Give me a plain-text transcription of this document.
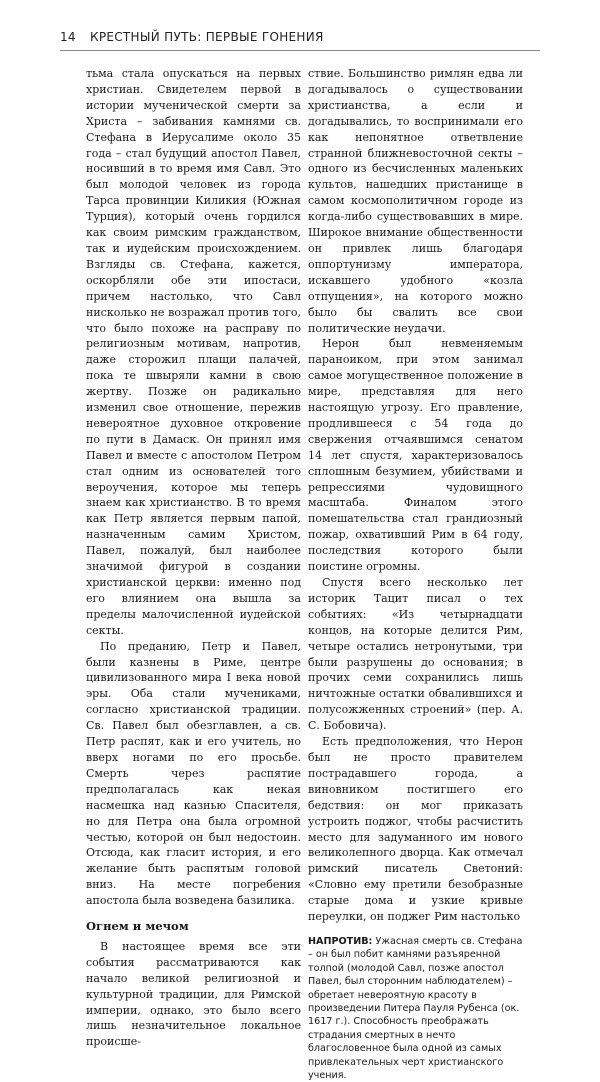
14 КРЕСТНЫЙ ПУТЬ: ПЕРВЫЕ ГОНЕНИЯ

тьма стала опускаться на первых христиан. Свидетелем первой в истории мученической смерти за Христа – забивания камнями св. Стефана в Иерусалиме около 35 года – стал будущий апостол Павел, носивший в то время имя Савл. Это был молодой человек из города Тарса провинции Киликия (Южная Турция), который очень гордился как своим римским гражданством, так и иудейским происхождением. Взгляды св. Стефана, кажется, оскорбляли обе эти ипостаси, причем настолько, что Савл нисколько не возражал против того, что было похоже на расправу по религиозным мотивам, напротив, даже сторожил плащи палачей, пока те швыряли камни в свою жертву. Позже он радикально изменил свое отношение, пережив невероятное духовное откровение по пути в Дамаск. Он принял имя Павел и вместе с апостолом Петром стал одним из основателей того вероучения, которое мы теперь знаем как христианство. В то время как Петр является первым папой, назначенным самим Христом, Павел, пожалуй, был наиболее значимой фигурой в создании христианской церкви: именно под его влиянием она вышла за пределы малочисленной иудейской секты.

По преданию, Петр и Павел, были казнены в Риме, центре цивилизованного мира I века новой эры. Оба стали мучениками, согласно христианской традиции. Св. Павел был обезглавлен, а св. Петр распят, как и его учитель, но вверх ногами по его просьбе. Смерть через распятие предполагалась как некая насмешка над казнью Спасителя, но для Петра она была огромной честью, которой он был недостоин. Отсюда, как гласит история, и его желание быть распятым головой вниз. На месте погребения апостола была возведена базилика.

Огнем и мечом

В настоящее время все эти события рассматриваются как начало великой религиозной и культурной традиции, для Римской империи, однако, это было всего лишь незначительное локальное происше-

ствие. Большинство римлян едва ли догадывалось о существовании христианства, а если и догадывались, то воспринимали его как непонятное ответвление странной ближневосточной секты – одного из бесчисленных маленьких культов, нашедших пристанище в самом космополитичном городе из когда-либо существовавших в мире. Широкое внимание общественности он привлек лишь благодаря оппортунизму императора, искавшего удобного «козла отпущения», на которого можно было бы свалить все свои политические неудачи.

Нерон был невменяемым параноиком, при этом занимал самое могущественное положение в мире, представляя для него настоящую угрозу. Его правление, продлившееся с 54 года до свержения отчаявшимся сенатом 14 лет спустя, характеризовалось сплошным безумием, убийствами и репрессиями чудовищного масштаба. Финалом этого помешательства стал грандиозный пожар, охвативший Рим в 64 году, последствия которого были поистине огромны.

Спустя всего несколько лет историк Тацит писал о тех событиях: «Из четырнадцати концов, на которые делится Рим, четыре остались нетронутыми, три были разрушены до основания; в прочих семи сохранились лишь ничтожные остатки обвалившихся и полусожженных строений» (пер. А. С. Бобовича).

Есть предположения, что Нерон был не просто правителем пострадавшего города, а виновником постигшего его бедствия: он мог приказать устроить поджог, чтобы расчистить место для задуманного им нового великолепного дворца. Как отмечал римский писатель Светоний: «Словно ему претили безобразные старые дома и узкие кривые переулки, он поджег Рим настолько

НАПРОТИВ: Ужасная смерть св. Стефана – он был побит камнями разъяренной толпой (молодой Савл, позже апостол Павел, был сторонним наблюдателем) – обретает невероятную красоту в произведении Питера Пауля Рубенса (ок. 1617 г.). Способность преображать страдания смертных в нечто благословенное была одной из самых привлекательных черт христианского учения.
